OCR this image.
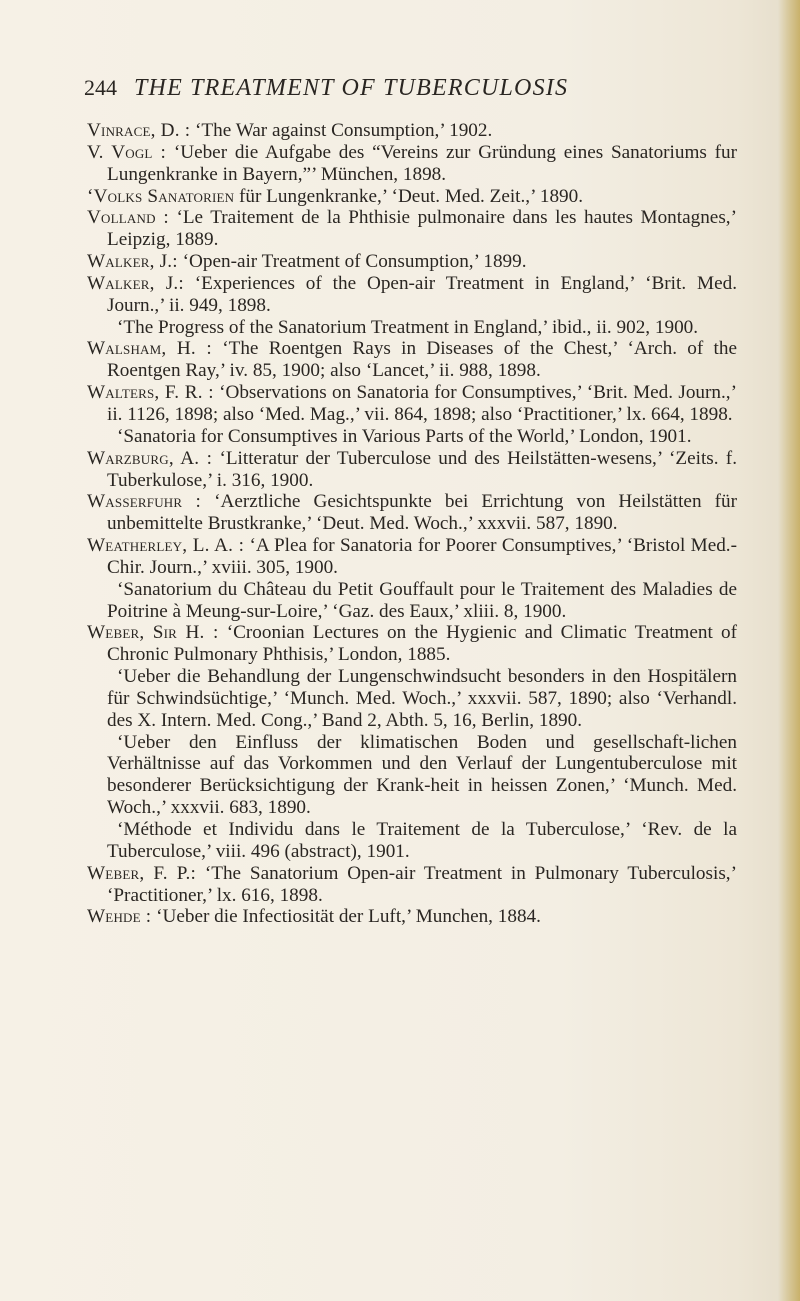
244 THE TREATMENT OF TUBERCULOSIS

Vinrace, D. : ‘The War against Consumption,’ 1902.

V. Vogl : ‘Ueber die Aufgabe des “Vereins zur Gründung eines Sanatoriums fur Lungenkranke in Bayern,”’ München, 1898.

‘Volks Sanatorien für Lungenkranke,’ ‘Deut. Med. Zeit.,’ 1890.

Volland : ‘Le Traitement de la Phthisie pulmonaire dans les hautes Montagnes,’ Leipzig, 1889.

Walker, J.: ‘Open-air Treatment of Consumption,’ 1899.

Walker, J.: ‘Experiences of the Open-air Treatment in England,’ ‘Brit. Med. Journ.,’ ii. 949, 1898.

‘The Progress of the Sanatorium Treatment in England,’ ibid., ii. 902, 1900.

Walsham, H. : ‘The Roentgen Rays in Diseases of the Chest,’ ‘Arch. of the Roentgen Ray,’ iv. 85, 1900; also ‘Lancet,’ ii. 988, 1898.

Walters, F. R. : ‘Observations on Sanatoria for Consumptives,’ ‘Brit. Med. Journ.,’ ii. 1126, 1898; also ‘Med. Mag.,’ vii. 864, 1898; also ‘Practitioner,’ lx. 664, 1898.

‘Sanatoria for Consumptives in Various Parts of the World,’ London, 1901.

Warzburg, A. : ‘Litteratur der Tuberculose und des Heilstätten-wesens,’ ‘Zeits. f. Tuberkulose,’ i. 316, 1900.

Wasserfuhr : ‘Aerztliche Gesichtspunkte bei Errichtung von Heilstätten für unbemittelte Brustkranke,’ ‘Deut. Med. Woch.,’ xxxvii. 587, 1890.

Weatherley, L. A. : ‘A Plea for Sanatoria for Poorer Consumptives,’ ‘Bristol Med.-Chir. Journ.,’ xviii. 305, 1900.

‘Sanatorium du Château du Petit Gouffault pour le Traitement des Maladies de Poitrine à Meung-sur-Loire,’ ‘Gaz. des Eaux,’ xliii. 8, 1900.

Weber, Sir H. : ‘Croonian Lectures on the Hygienic and Climatic Treatment of Chronic Pulmonary Phthisis,’ London, 1885.

‘Ueber die Behandlung der Lungenschwindsucht besonders in den Hospitälern für Schwindsüchtige,’ ‘Munch. Med. Woch.,’ xxxvii. 587, 1890; also ‘Verhandl. des X. Intern. Med. Cong.,’ Band 2, Abth. 5, 16, Berlin, 1890.

‘Ueber den Einfluss der klimatischen Boden und gesellschaft-lichen Verhältnisse auf das Vorkommen und den Verlauf der Lungentuberculose mit besonderer Berücksichtigung der Krank-heit in heissen Zonen,’ ‘Munch. Med. Woch.,’ xxxvii. 683, 1890.

‘Méthode et Individu dans le Traitement de la Tuberculose,’ ‘Rev. de la Tuberculose,’ viii. 496 (abstract), 1901.

Weber, F. P.: ‘The Sanatorium Open-air Treatment in Pulmonary Tuberculosis,’ ‘Practitioner,’ lx. 616, 1898.

Wehde : ‘Ueber die Infectiosität der Luft,’ Munchen, 1884.
